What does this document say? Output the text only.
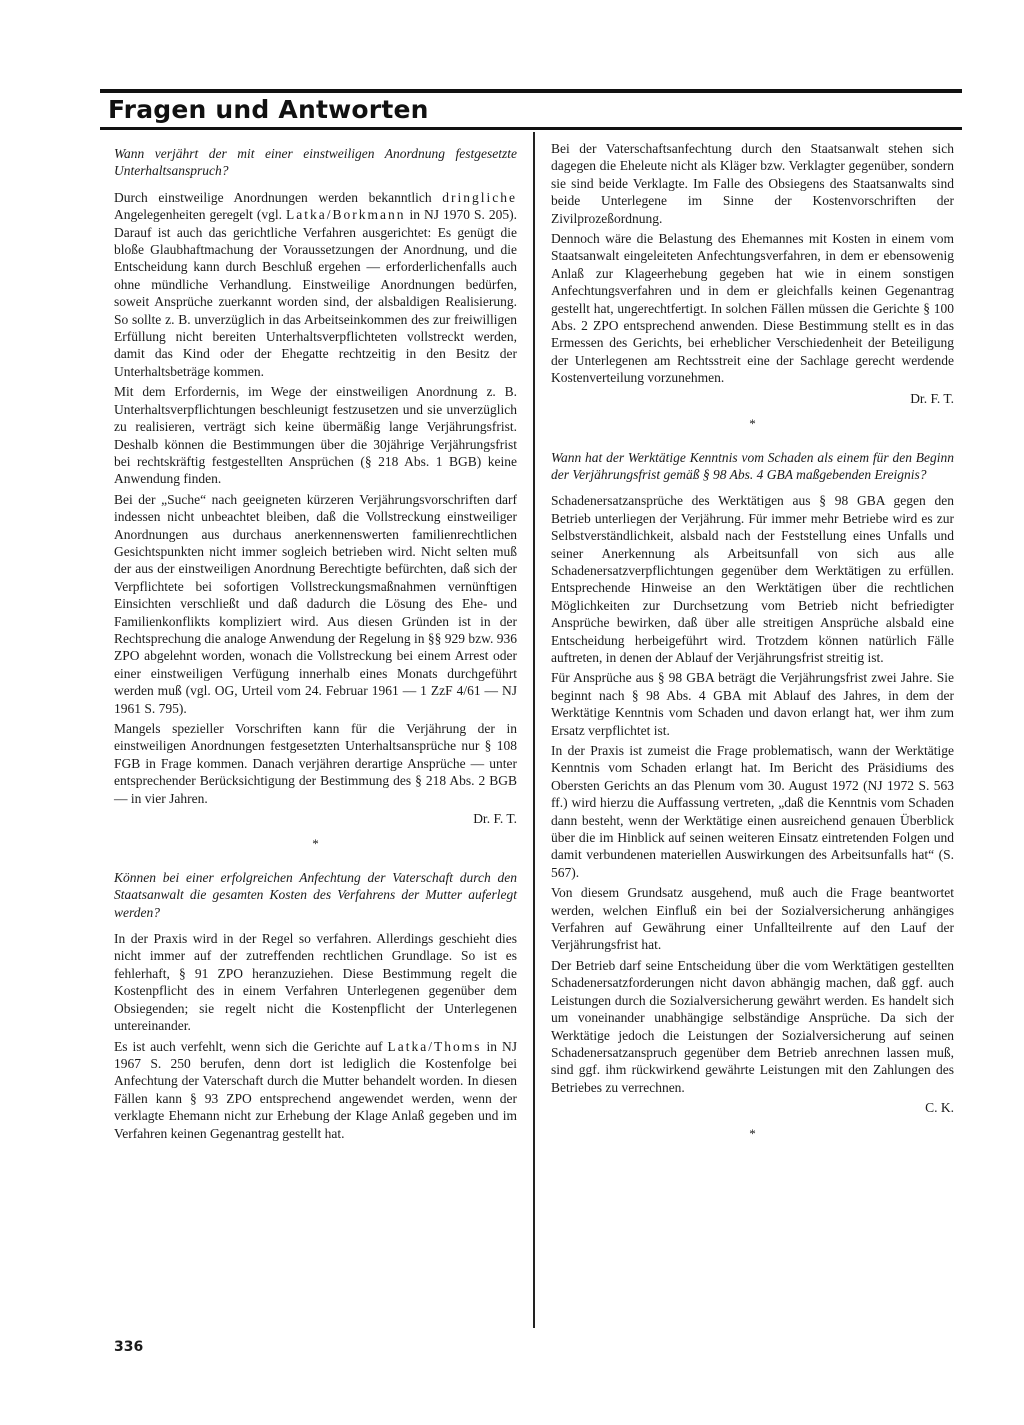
Fragen und Antworten
Wann verjährt der mit einer einstweiligen Anordnung festgesetzte Unterhaltsanspruch?

Durch einstweilige Anordnungen werden bekanntlich dringliche Angelegenheiten geregelt (vgl. Latka/Borkmann in NJ 1970 S. 205). Darauf ist auch das gerichtliche Verfahren ausgerichtet: Es genügt die bloße Glaubhaftmachung der Voraussetzungen der Anordnung, und die Entscheidung kann durch Beschluß ergehen — erforderlichenfalls auch ohne mündliche Verhandlung. Einstweilige Anordnungen bedürfen, soweit Ansprüche zuerkannt worden sind, der alsbaldigen Realisierung. So sollte z. B. unverzüglich in das Arbeitseinkommen des zur freiwilligen Erfüllung nicht bereiten Unterhaltsverpflichteten vollstreckt werden, damit das Kind oder der Ehegatte rechtzeitig in den Besitz der Unterhaltsbeträge kommen.

Mit dem Erfordernis, im Wege der einstweiligen Anordnung z. B. Unterhaltsverpflichtungen beschleunigt festzusetzen und sie unverzüglich zu realisieren, verträgt sich keine übermäßig lange Verjährungsfrist. Deshalb können die Bestimmungen über die 30jährige Verjährungsfrist bei rechtskräftig festgestellten Ansprüchen (§ 218 Abs. 1 BGB) keine Anwendung finden.

Bei der „Suche“ nach geeigneten kürzeren Verjährungsvorschriften darf indessen nicht unbeachtet bleiben, daß die Vollstreckung einstweiliger Anordnungen aus durchaus anerkennenswerten familienrechtlichen Gesichtspunkten nicht immer sogleich betrieben wird. Nicht selten muß der aus der einstweiligen Anordnung Berechtigte befürchten, daß sich der Verpflichtete bei sofortigen Vollstreckungsmaßnahmen vernünftigen Einsichten verschließt und daß dadurch die Lösung des Ehe- und Familienkonflikts kompliziert wird. Aus diesen Gründen ist in der Rechtsprechung die analoge Anwendung der Regelung in §§ 929 bzw. 936 ZPO abgelehnt worden, wonach die Vollstreckung bei einem Arrest oder einer einstweiligen Verfügung innerhalb eines Monats durchgeführt werden muß (vgl. OG, Urteil vom 24. Februar 1961 — 1 ZzF 4/61 — NJ 1961 S. 795).

Mangels spezieller Vorschriften kann für die Verjährung der in einstweiligen Anordnungen festgesetzten Unterhaltsansprüche nur § 108 FGB in Frage kommen. Danach verjähren derartige Ansprüche — unter entsprechender Berücksichtigung der Bestimmung des § 218 Abs. 2 BGB — in vier Jahren.

Dr. F. T.
*
Können bei einer erfolgreichen Anfechtung der Vaterschaft durch den Staatsanwalt die gesamten Kosten des Verfahrens der Mutter auferlegt werden?

In der Praxis wird in der Regel so verfahren. Allerdings geschieht dies nicht immer auf der zutreffenden rechtlichen Grundlage. So ist es fehlerhaft, § 91 ZPO heranzuziehen. Diese Bestimmung regelt die Kostenpflicht des in einem Verfahren Unterlegenen gegenüber dem Obsiegenden; sie regelt nicht die Kostenpflicht der Unterlegenen untereinander.

Es ist auch verfehlt, wenn sich die Gerichte auf Latka/Thoms in NJ 1967 S. 250 berufen, denn dort ist lediglich die Kostenfolge bei Anfechtung der Vaterschaft durch die Mutter behandelt worden. In diesen Fällen kann § 93 ZPO entsprechend angewendet werden, wenn der verklagte Ehemann nicht zur Erhebung der Klage Anlaß gegeben und im Verfahren keinen Gegenantrag gestellt hat.

Bei der Vaterschaftsanfechtung durch den Staatsanwalt stehen sich dagegen die Eheleute nicht als Kläger bzw. Verklagter gegenüber, sondern sie sind beide Verklagte. Im Falle des Obsiegens des Staatsanwalts sind beide Unterlegene im Sinne der Kostenvorschriften der Zivilprozeßordnung.

Dennoch wäre die Belastung des Ehemannes mit Kosten in einem vom Staatsanwalt eingeleiteten Anfechtungsverfahren, in dem er ebensowenig Anlaß zur Klageerhebung gegeben hat wie in einem sonstigen Anfechtungsverfahren und in dem er gleichfalls keinen Gegenantrag gestellt hat, ungerechtfertigt. In solchen Fällen müssen die Gerichte § 100 Abs. 2 ZPO entsprechend anwenden. Diese Bestimmung stellt es in das Ermessen des Gerichts, bei erheblicher Verschiedenheit der Beteiligung der Unterlegenen am Rechtsstreit eine der Sachlage gerecht werdende Kostenverteilung vorzunehmen.

Dr. F. T.
*
Wann hat der Werktätige Kenntnis vom Schaden als einem für den Beginn der Verjährungsfrist gemäß § 98 Abs. 4 GBA maßgebenden Ereignis?

Schadenersatzansprüche des Werktätigen aus § 98 GBA gegen den Betrieb unterliegen der Verjährung. Für immer mehr Betriebe wird es zur Selbstverständlichkeit, alsbald nach der Feststellung eines Unfalls und seiner Anerkennung als Arbeitsunfall von sich aus alle Schadenersatzverpflichtungen gegenüber dem Werktätigen zu erfüllen. Entsprechende Hinweise an den Werktätigen über die rechtlichen Möglichkeiten zur Durchsetzung vom Betrieb nicht befriedigter Ansprüche bewirken, daß über alle streitigen Ansprüche alsbald eine Entscheidung herbeigeführt wird. Trotzdem können natürlich Fälle auftreten, in denen der Ablauf der Verjährungsfrist streitig ist.

Für Ansprüche aus § 98 GBA beträgt die Verjährungsfrist zwei Jahre. Sie beginnt nach § 98 Abs. 4 GBA mit Ablauf des Jahres, in dem der Werktätige Kenntnis vom Schaden und davon erlangt hat, wer ihm zum Ersatz verpflichtet ist.

In der Praxis ist zumeist die Frage problematisch, wann der Werktätige Kenntnis vom Schaden erlangt hat. Im Bericht des Präsidiums des Obersten Gerichts an das Plenum vom 30. August 1972 (NJ 1972 S. 563 ff.) wird hierzu die Auffassung vertreten, „daß die Kenntnis vom Schaden dann besteht, wenn der Werktätige einen ausreichend genauen Überblick über die im Hinblick auf seinen weiteren Einsatz eintretenden Folgen und damit verbundenen materiellen Auswirkungen des Arbeitsunfalls hat“ (S. 567).

Von diesem Grundsatz ausgehend, muß auch die Frage beantwortet werden, welchen Einfluß ein bei der Sozialversicherung anhängiges Verfahren auf Gewährung einer Unfallteilrente auf den Lauf der Verjährungsfrist hat.

Der Betrieb darf seine Entscheidung über die vom Werktätigen gestellten Schadenersatzforderungen nicht davon abhängig machen, daß ggf. auch Leistungen durch die Sozialversicherung gewährt werden. Es handelt sich um voneinander unabhängige selbständige Ansprüche. Da sich der Werktätige jedoch die Leistungen der Sozialversicherung auf seinen Schadenersatzanspruch gegenüber dem Betrieb anrechnen lassen muß, sind ggf. ihm rückwirkend gewährte Leistungen mit den Zahlungen des Betriebes zu verrechnen.

C. K.
*
336
